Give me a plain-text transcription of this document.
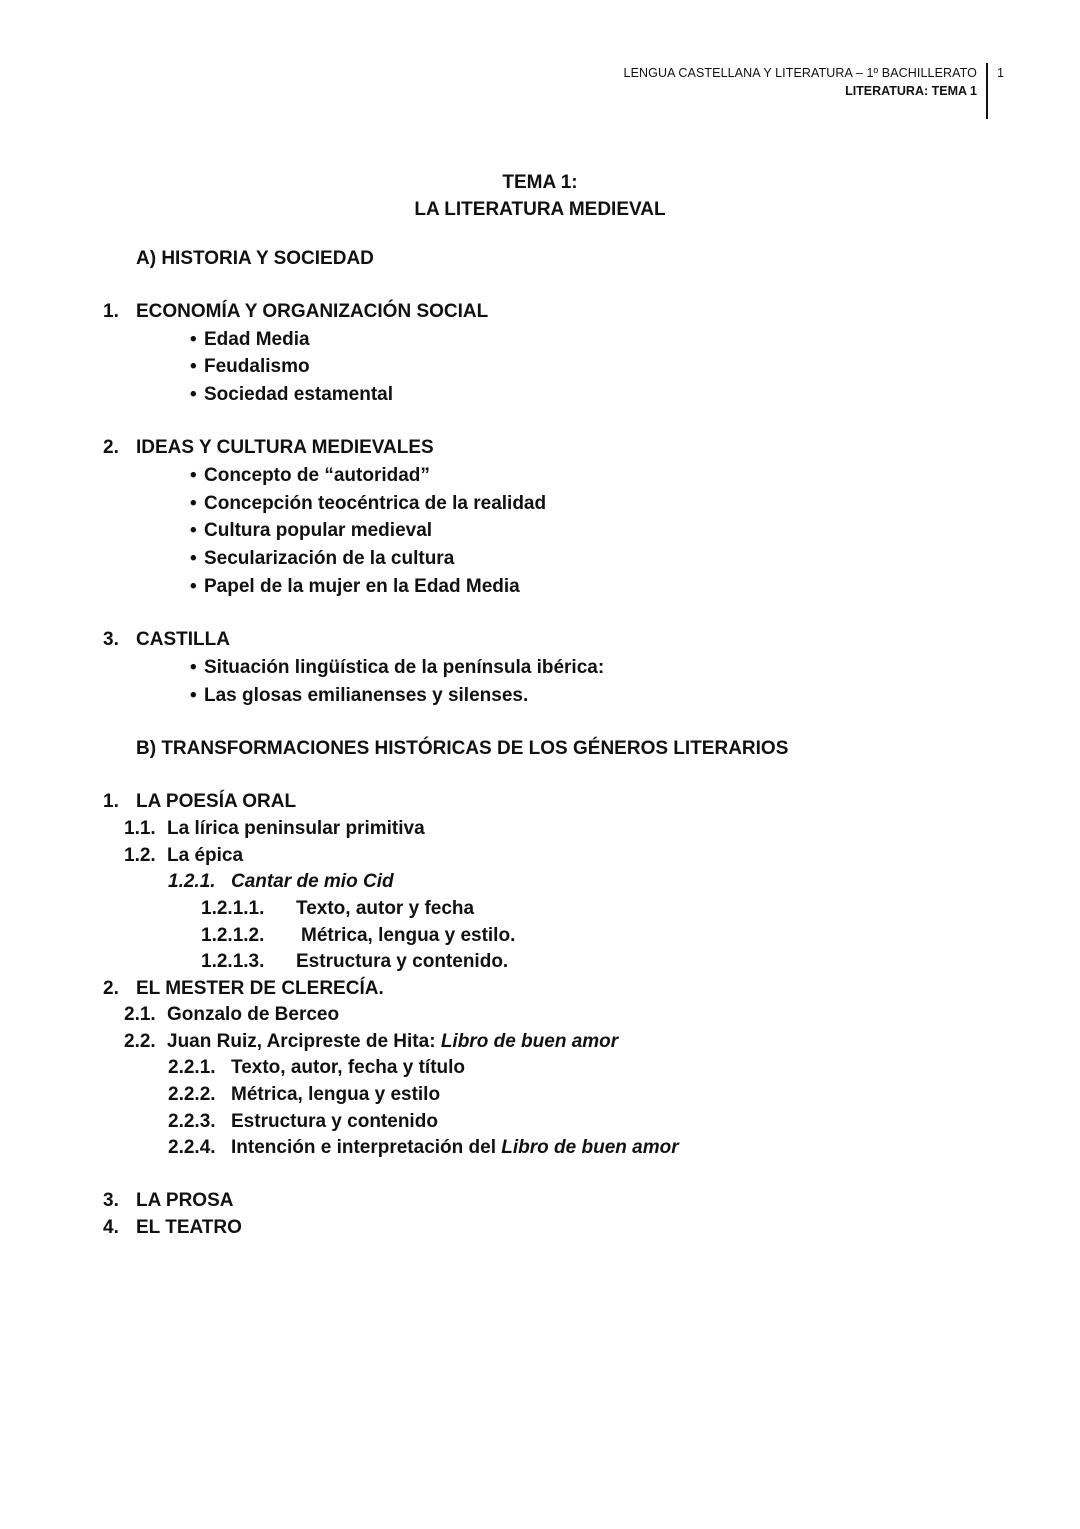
LENGUA CASTELLANA Y LITERATURA – 1º BACHILLERATO
LITERATURA: TEMA 1
1
TEMA 1:
LA LITERATURA MEDIEVAL
A) HISTORIA Y SOCIEDAD
1. ECONOMÍA Y ORGANIZACIÓN SOCIAL
• Edad Media
• Feudalismo
• Sociedad estamental
2. IDEAS Y CULTURA MEDIEVALES
• Concepto de “autoridad”
• Concepción teocéntrica de la realidad
• Cultura popular medieval
• Secularización de la cultura
• Papel de la mujer en la Edad Media
3. CASTILLA
• Situación lingüística de la península ibérica:
• Las glosas emilianenses y silenses.
B) TRANSFORMACIONES HISTÓRICAS DE LOS GÉNEROS LITERARIOS
1. LA POESÍA ORAL
1.1. La lírica peninsular primitiva
1.2. La épica
1.2.1. Cantar de mio Cid
1.2.1.1. Texto, autor y fecha
1.2.1.2. Métrica, lengua y estilo.
1.2.1.3. Estructura y contenido.
2. EL MESTER DE CLERECÍA.
2.1. Gonzalo de Berceo
2.2. Juan Ruiz, Arcipreste de Hita: Libro de buen amor
2.2.1. Texto, autor, fecha y título
2.2.2. Métrica, lengua y estilo
2.2.3. Estructura y contenido
2.2.4. Intención e interpretación del Libro de buen amor
3. LA PROSA
4. EL TEATRO
